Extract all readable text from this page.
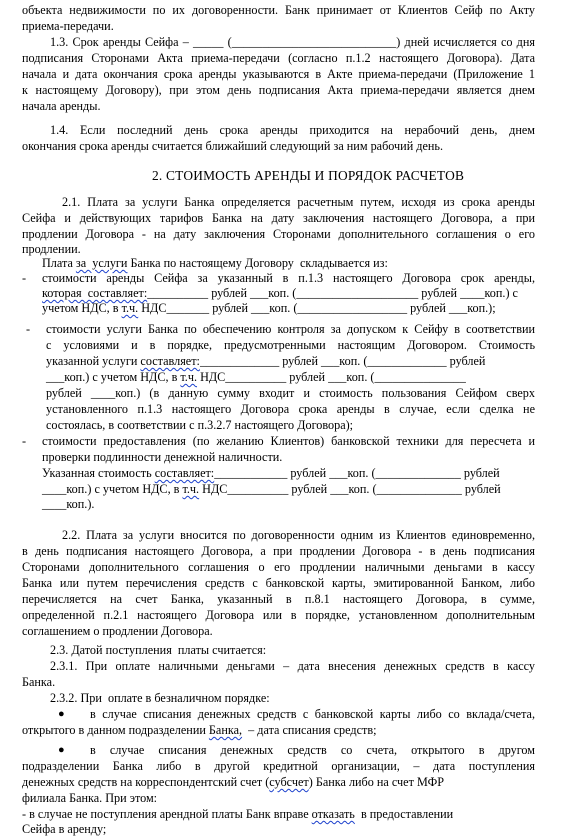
объекта недвижимости по их договоренности. Банк принимает от Клиентов Сейф по Акту
приема-передачи.
1.3. Срок аренды Сейфа – _____ (___________________________) дней исчисляется со дня
подписания Сторонами Акта приема-передачи (согласно п.1.2 настоящего Договора). Дата
начала и дата окончания срока аренды указываются в Акте приема-передачи (Приложение 1
к настоящему Договору), при этом день подписания Акта приема-передачи является днем
начала аренды.
1.4. Если последний день срока аренды приходится на нерабочий день, днем
окончания срока аренды считается ближайший следующий за ним рабочий день.
2. СТОИМОСТЬ АРЕНДЫ И ПОРЯДОК РАСЧЕТОВ
2.1. Плата за услуги Банка определяется расчетным путем, исходя из срока аренды
Сейфа и действующих тарифов Банка на дату заключения настоящего Договора, а при
продлении Договора - на дату заключения Сторонами дополнительного соглашения о его
продлении.
Плата за  услуги Банка по настоящему Договору  складывается из:
- стоимости аренды Сейфа за указанный в п.1.3 настоящего Договора срок аренды,
которая  составляет:__________ рублей ___коп. (____________________ рублей ____коп.) с
учетом НДС, в т.ч. НДС_______ рублей ___коп. (__________________ рублей ___коп.);
- стоимости услуги Банка по обеспечению контроля за допуском к Сейфу в соответствии
с условиями и в порядке, предусмотренными настоящим Договором. Стоимость
указанной услуги составляет:_____________ рублей ___коп. (_____________ рублей
___коп.) с учетом НДС, в т.ч. НДС__________ рублей ___коп. (_______________
рублей ____коп.) (в данную сумму входит и стоимость пользования Сейфом сверх
установленного п.1.3 настоящего Договора срока аренды в случае, если сделка не
состоялась, в соответствии с п.3.2.7 настоящего Договора);
- стоимости предоставления (по желанию Клиентов) банковской техники для пересчета и
проверки подлинности денежной наличности.
Указанная стоимость составляет:____________ рублей ___коп. (______________ рублей
____коп.) с учетом НДС, в т.ч. НДС__________ рублей ___коп. (______________ рублей
____коп.).
2.2. Плата за услуги вносится по договоренности одним из Клиентов единовременно,
в день подписания настоящего Договора, а при продлении Договора - в день подписания
Сторонами дополнительного соглашения о его продлении наличными деньгами в кассу
Банка или путем перечисления средств с банковской карты, эмитированной Банком, либо
перечисляется на счет Банка, указанный в п.8.1 настоящего Договора, в сумме,
определенной п.2.1 настоящего Договора или в порядке, установленном дополнительным
соглашением о продлении Договора.
2.3. Датой поступления  платы считается:
2.3.1. При оплате наличными деньгами – дата внесения денежных средств в кассу
Банка.
2.3.2. При  оплате в безналичном порядке:
● в случае списания денежных средств с банковской карты либо со вклада/счета,
открытого в данном подразделении Банка,  – дата списания средств;
● в случае списания денежных средств со счета, открытого в другом
подразделении Банка либо в другой кредитной организации, – дата поступления
денежных средств на корреспондентский счет (субсчет) Банка либо на счет МФР
филиала Банка. При этом:
- в случае не поступления арендной платы Банк вправе отказать  в предоставлении
Сейфа в аренду;
